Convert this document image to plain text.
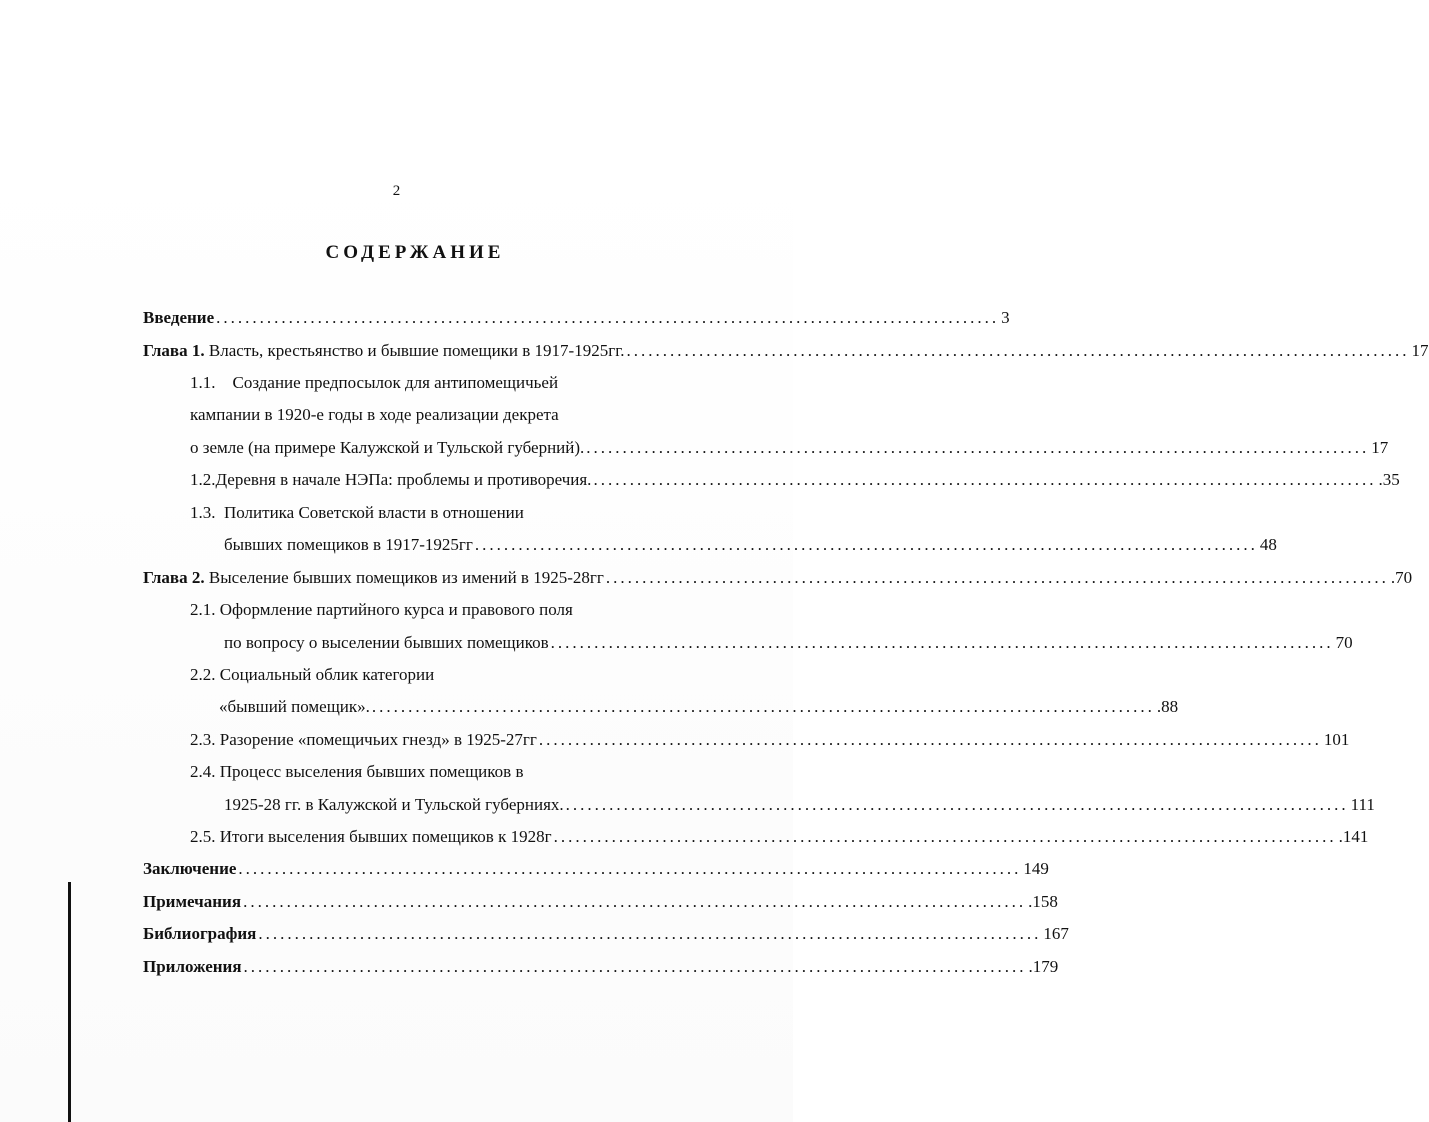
2
СОДЕРЖАНИЕ
Введение ............................................................................................................ 3
Глава 1. Власть, крестьянство и бывшие помещики в 1917-1925гг. ............................................................................................................ 17
1.1.    Создание предпосылок для антипомещичьей
кампании в 1920-е годы в ходе реализации декрета
о земле (на примере Калужской и Тульской губерний). ............................................................................................................ 17
1.2.Деревня в начале НЭПа: проблемы и противоречия. ............................................................................................................ .35
1.3.  Политика Советской власти в отношении
бывших помещиков в 1917-1925гг ............................................................................................................ 48
Глава 2. Выселение бывших помещиков из имений в 1925-28гг ............................................................................................................ .70
2.1. Оформление партийного курса и правового поля
по вопросу о выселении бывших помещиков ............................................................................................................ 70
2.2. Социальный облик категории
«бывший помещик». ............................................................................................................ .88
2.3. Разорение «помещичьих гнезд» в 1925-27гг ............................................................................................................ 101
2.4. Процесс выселения бывших помещиков в
1925-28 гг. в Калужской и Тульской губерниях. ............................................................................................................ 111
2.5. Итоги выселения бывших помещиков к 1928г ............................................................................................................ .141
Заключение ............................................................................................................ 149
Примечания ............................................................................................................ .158
Библиография ............................................................................................................ 167
Приложения ............................................................................................................ .179
